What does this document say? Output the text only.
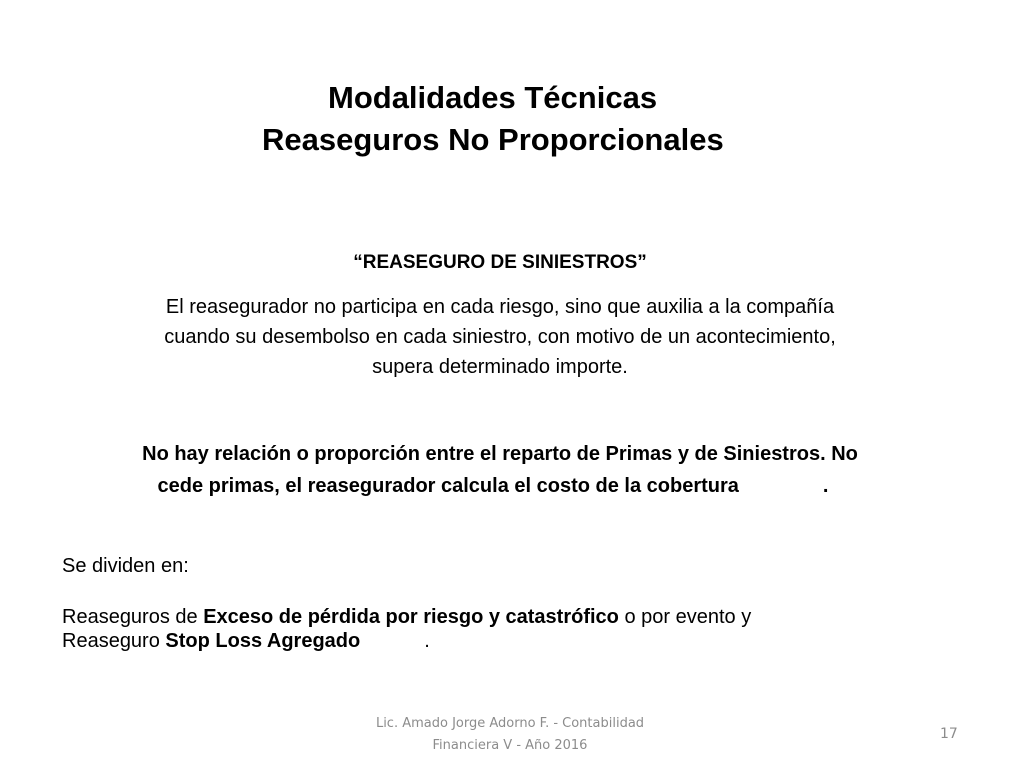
Modalidades Técnicas
Reaseguros No Proporcionales
“REASEGURO DE SINIESTROS”
El reasegurador no participa en cada riesgo, sino que auxilia a la compañía
cuando su desembolso en cada siniestro, con motivo de un acontecimiento,
supera determinado importe.
No hay relación o proporción entre el reparto de Primas y de Siniestros. No
cede primas, el reasegurador calcula el costo de la cobertura	.
Se dividen en:
Reaseguros de Exceso de pérdida por riesgo y catastrófico o por evento y
Reaseguro Stop Loss Agregado	.
Lic. Amado Jorge Adorno F. - Contabilidad
Financiera V - Año 2016
17
